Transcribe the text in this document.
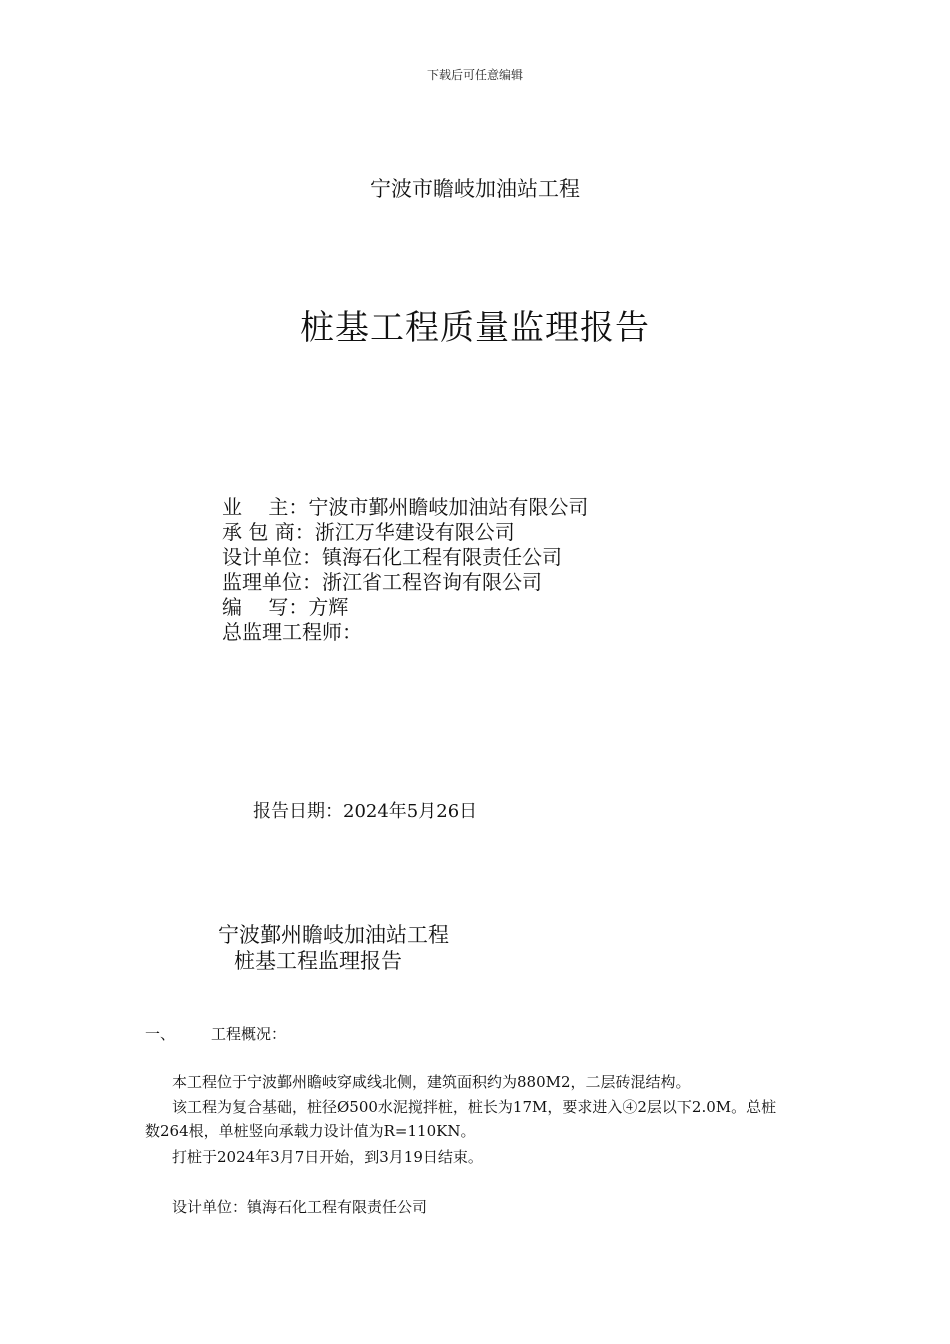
下载后可任意编辑
宁波市瞻岐加油站工程
桩基工程质量监理报告
业　 主：宁波市鄞州瞻岐加油站有限公司
承 包 商：浙江万华建设有限公司
设计单位：镇海石化工程有限责任公司
监理单位：浙江省工程咨询有限公司
编　 写：方辉
总监理工程师：
报告日期：2024年5月26日
宁波鄞州瞻岐加油站工程
桩基工程监理报告
一、 工程概况：
本工程位于宁波鄞州瞻岐穿咸线北侧，建筑面积约为880M2，二层砖混结构。
该工程为复合基础，桩径Ø500水泥搅拌桩，桩长为17M，要求进入④2层以下2.0M。总桩数264根，单桩竖向承载力设计值为R=110KN。
打桩于2024年3月7日开始，到3月19日结束。
设计单位：镇海石化工程有限责任公司
